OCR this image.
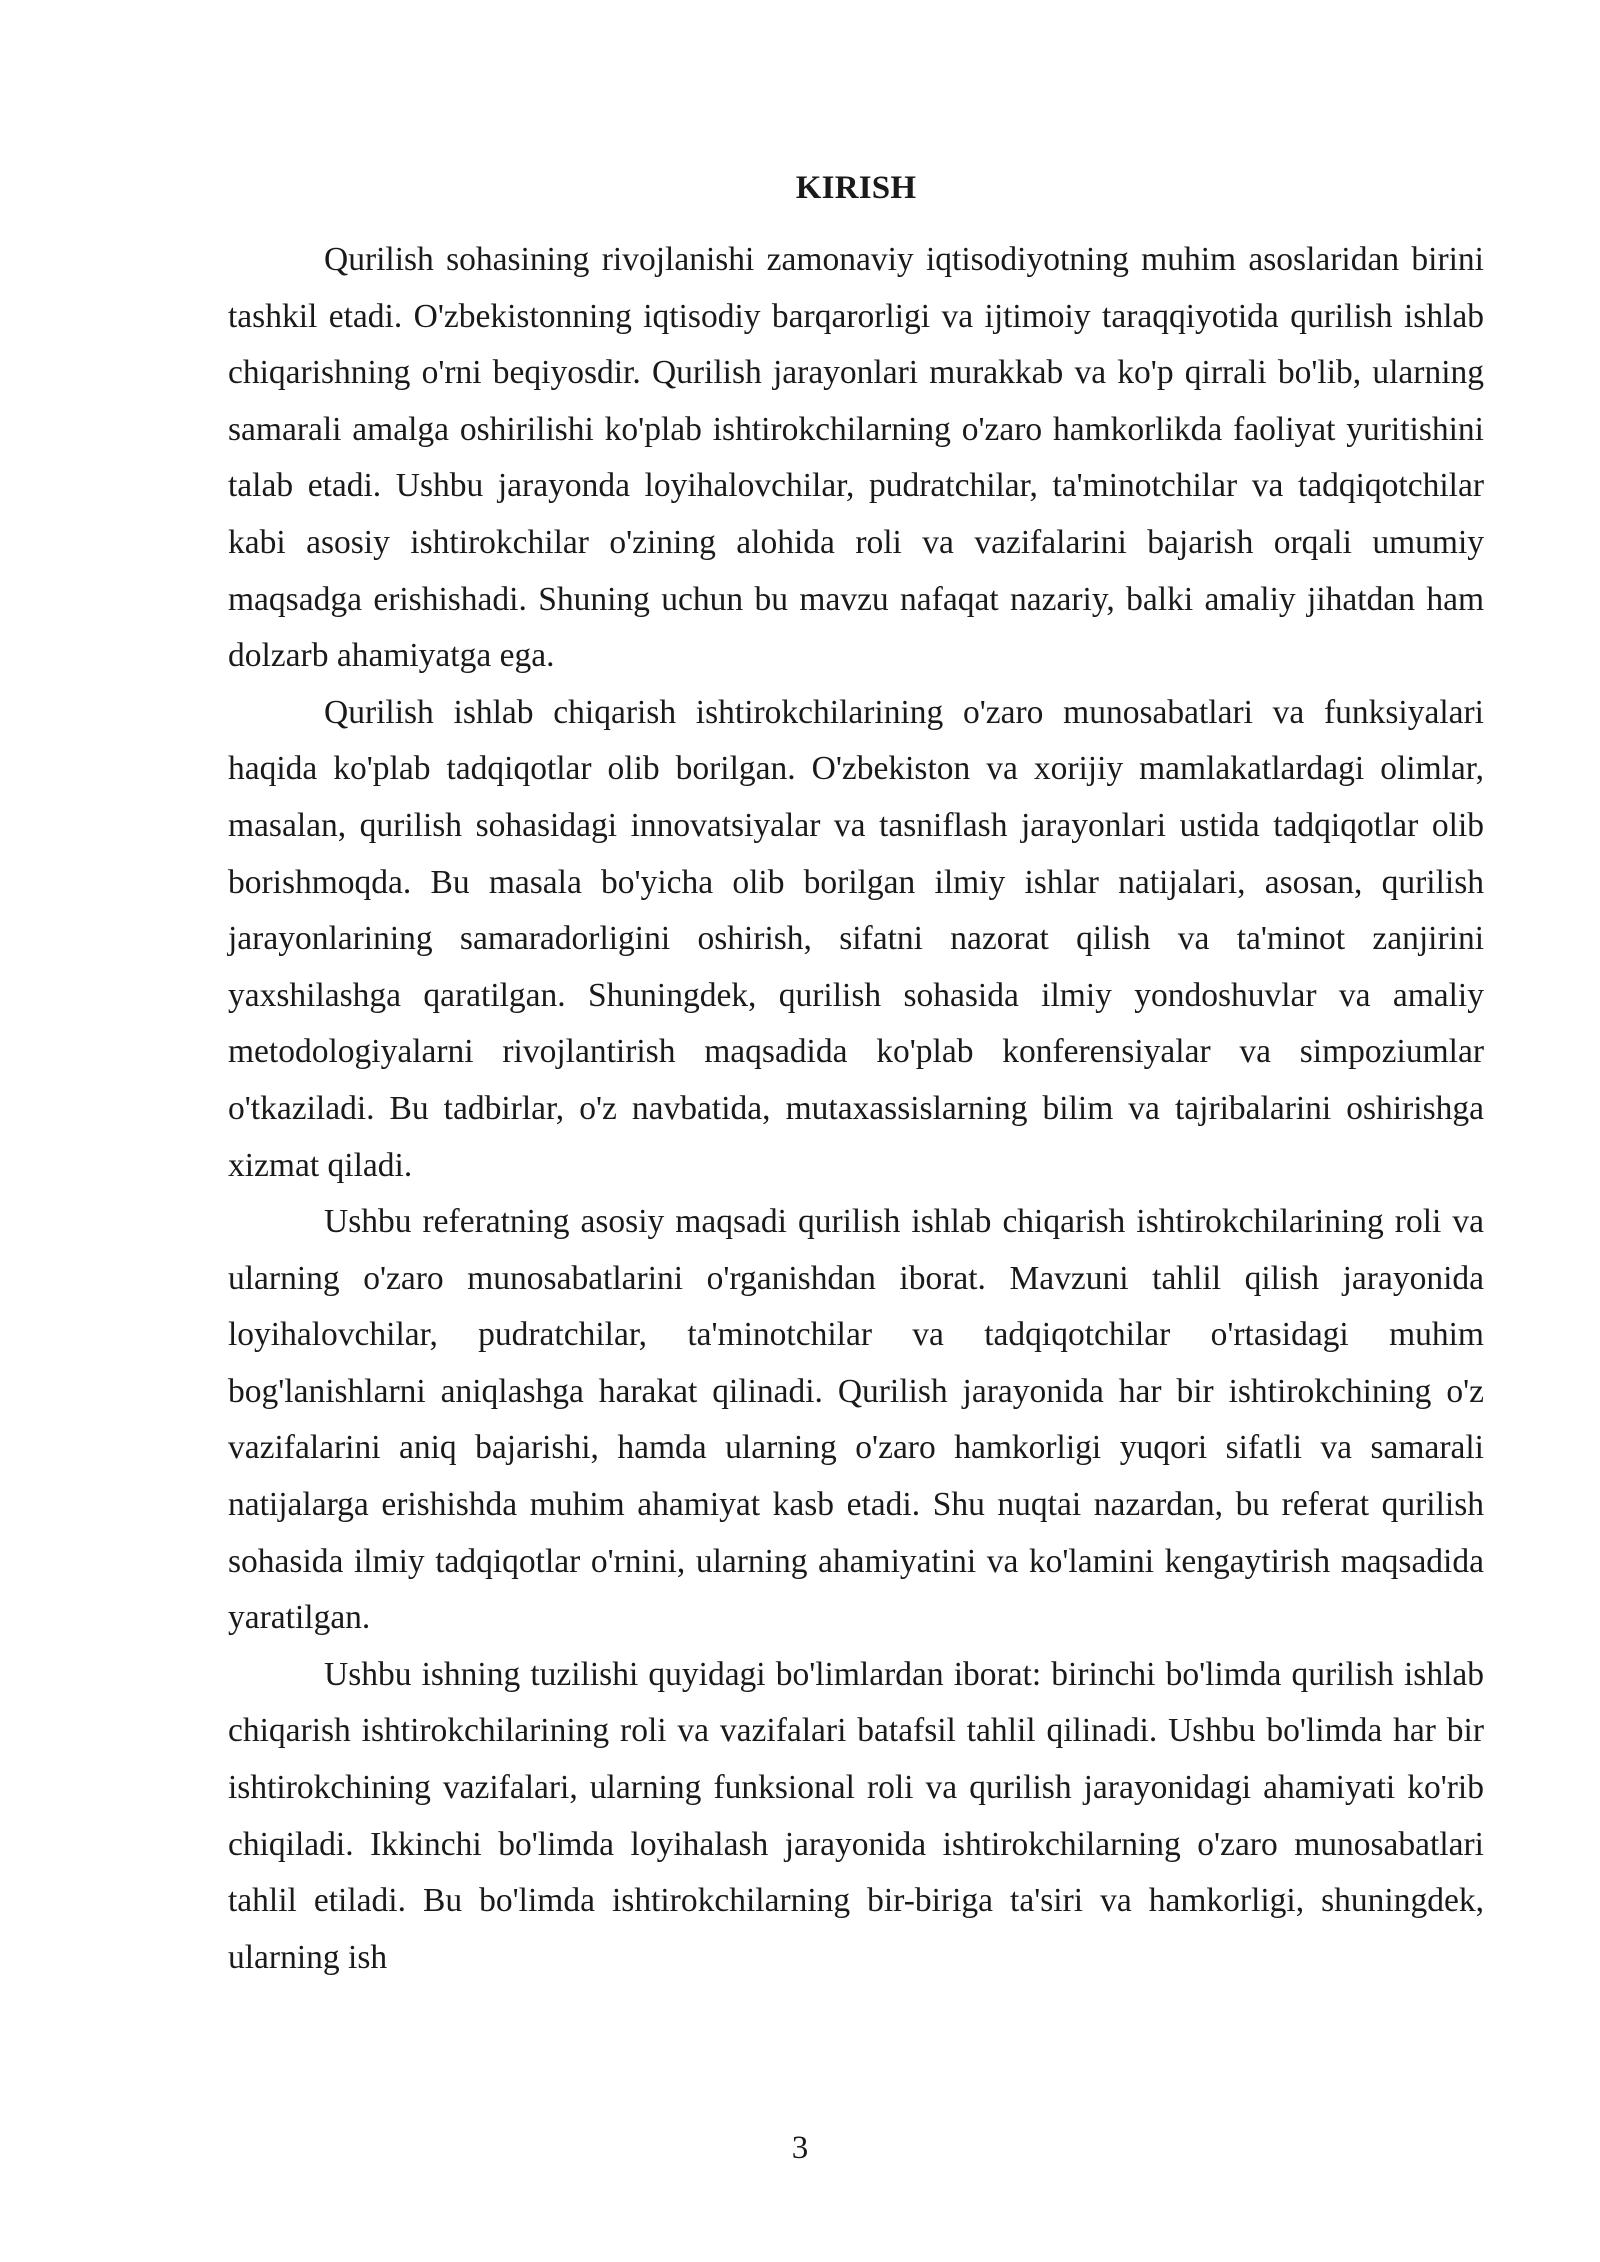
KIRISH

Qurilish sohasining rivojlanishi zamonaviy iqtisodiyotning muhim asoslaridan birini tashkil etadi. O'zbekistonning iqtisodiy barqarorligi va ijtimoiy taraqqiyotida qurilish ishlab chiqarishning o'rni beqiyosdir. Qurilish jarayonlari murakkab va ko'p qirrali bo'lib, ularning samarali amalga oshirilishi ko'plab ishtirokchilarning o'zaro hamkorlikda faoliyat yuritishini talab etadi. Ushbu jarayonda loyihalovchilar, pudratchilar, ta'minotchilar va tadqiqotchilar kabi asosiy ishtirokchilar o'zining alohida roli va vazifalarini bajarish orqali umumiy maqsadga erishishadi. Shuning uchun bu mavzu nafaqat nazariy, balki amaliy jihatdan ham dolzarb ahamiyatga ega.

Qurilish ishlab chiqarish ishtirokchilarining o'zaro munosabatlari va funksiyalari haqida ko'plab tadqiqotlar olib borilgan. O'zbekiston va xorijiy mamlakatlardagi olimlar, masalan, qurilish sohasidagi innovatsiyalar va tasniflash jarayonlari ustida tadqiqotlar olib borishmoqda. Bu masala bo'yicha olib borilgan ilmiy ishlar natijalari, asosan, qurilish jarayonlarining samaradorligini oshirish, sifatni nazorat qilish va ta'minot zanjirini yaxshilashga qaratilgan. Shuningdek, qurilish sohasida ilmiy yondoshuvlar va amaliy metodologiyalarni rivojlantirish maqsadida ko'plab konferensiyalar va simpoziumlar o'tkaziladi. Bu tadbirlar, o'z navbatida, mutaxassislarning bilim va tajribalarini oshirishga xizmat qiladi.

Ushbu referatning asosiy maqsadi qurilish ishlab chiqarish ishtirokchilarining roli va ularning o'zaro munosabatlarini o'rganishdan iborat. Mavzuni tahlil qilish jarayonida loyihalovchilar, pudratchilar, ta'minotchilar va tadqiqotchilar o'rtasidagi muhim bog'lanishlarni aniqlashga harakat qilinadi. Qurilish jarayonida har bir ishtirokchining o'z vazifalarini aniq bajarishi, hamda ularning o'zaro hamkorligi yuqori sifatli va samarali natijalarga erishishda muhim ahamiyat kasb etadi. Shu nuqtai nazardan, bu referat qurilish sohasida ilmiy tadqiqotlar o'rnini, ularning ahamiyatini va ko'lamini kengaytirish maqsadida yaratilgan.

Ushbu ishning tuzilishi quyidagi bo'limlardan iborat: birinchi bo'limda qurilish ishlab chiqarish ishtirokchilarining roli va vazifalari batafsil tahlil qilinadi. Ushbu bo'limda har bir ishtirokchining vazifalari, ularning funksional roli va qurilish jarayonidagi ahamiyati ko'rib chiqiladi. Ikkinchi bo'limda loyihalash jarayonida ishtirokchilarning o'zaro munosabatlari tahlil etiladi. Bu bo'limda ishtirokchilarning bir-biriga ta'siri va hamkorligi, shuningdek, ularning ish

3
